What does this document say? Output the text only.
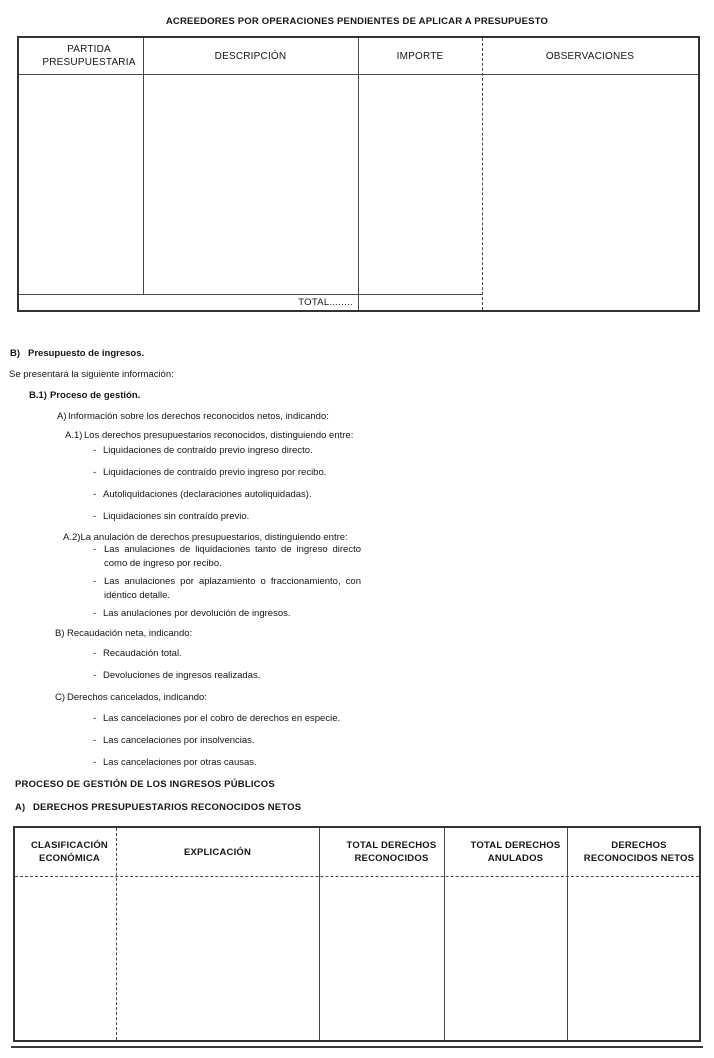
ACREEDORES POR OPERACIONES PENDIENTES DE APLICAR A PRESUPUESTO
PARTIDA PRESUPUESTARIA
DESCRIPCIÓN	IMPORTE	OBSERVACIONES
TOTAL........
B) Presupuesto de ingresos.
Se presentará la siguiente información:
B.1) Proceso de gestión.
A) Información sobre los derechos reconocidos netos, indicando:
A.1) Los derechos presupuestarios reconocidos, distinguiendo entre:
- Liquidaciones de contraído previo ingreso directo.
- Liquidaciones de contraído previo ingreso por recibo.
- Autoliquidaciones (declaraciones autoliquidadas).
- Liquidaciones sin contraído previo.
A.2)La anulación de derechos presupuestarios, distinguiendo entre:
- Las anulaciones de liquidaciones tanto de ingreso directo como de ingreso por recibo.
- Las anulaciones por aplazamiento o fraccionamiento, con idéntico detalle.
- Las anulaciones por devolución de ingresos.
B) Recaudación neta, indicando:
- Recaudación total.
- Devoluciones de ingresos realizadas.
C) Derechos cancelados, indicando:
- Las cancelaciones por el cobro de derechos en especie.
- Las cancelaciones por insolvencias.
- Las cancelaciones por otras causas.
PROCESO DE GESTIÓN DE LOS INGRESOS PÚBLICOS
A) DERECHOS PRESUPUESTARIOS RECONOCIDOS NETOS
CLASIFICACIÓN ECONÓMICA
EXPLICACIÓN
TOTAL DERECHOS RECONOCIDOS
TOTAL DERECHOS ANULADOS
DERECHOS RECONOCIDOS NETOS
